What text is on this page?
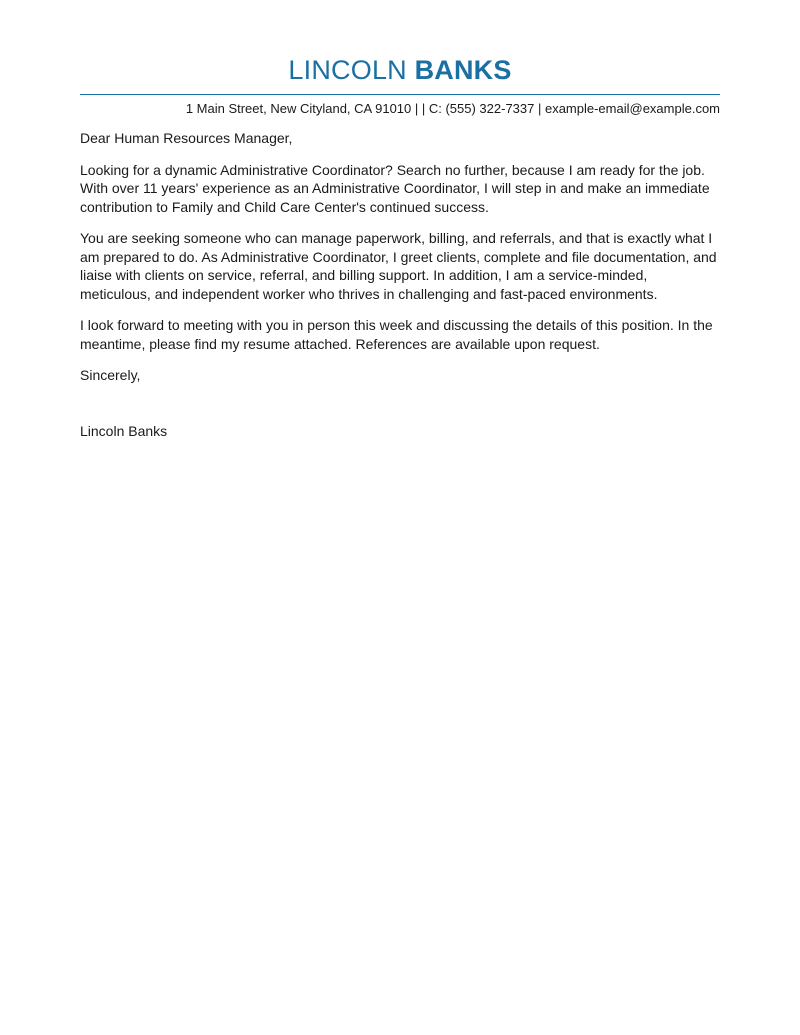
LINCOLN BANKS
1 Main Street, New Cityland, CA 91010 | | C: (555) 322-7337 | example-email@example.com

Dear Human Resources Manager,

Looking for a dynamic Administrative Coordinator? Search no further, because I am ready for the job. With over 11 years' experience as an Administrative Coordinator, I will step in and make an immediate contribution to Family and Child Care Center's continued success.

You are seeking someone who can manage paperwork, billing, and referrals, and that is exactly what I am prepared to do. As Administrative Coordinator, I greet clients, complete and file documentation, and liaise with clients on service, referral, and billing support. In addition, I am a service-minded, meticulous, and independent worker who thrives in challenging and fast-paced environments.

I look forward to meeting with you in person this week and discussing the details of this position. In the meantime, please find my resume attached. References are available upon request.

Sincerely,

Lincoln Banks
